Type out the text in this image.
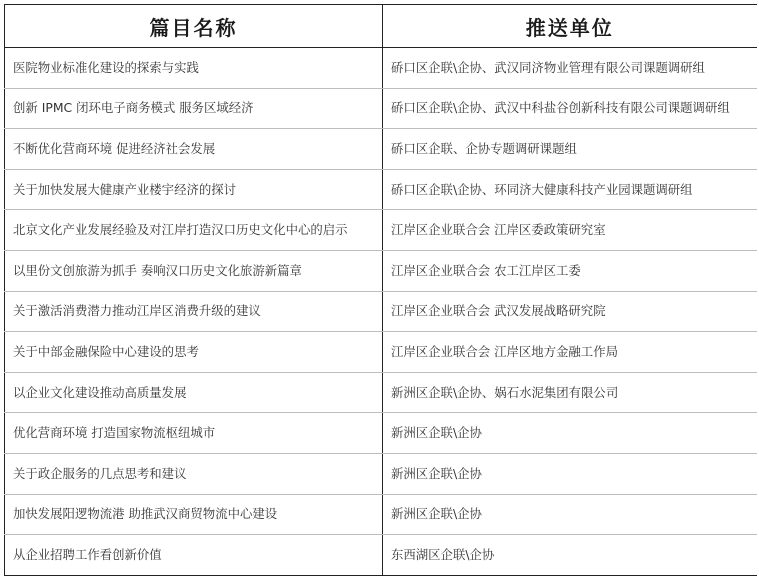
篇目名称	推送单位
医院物业标准化建设的探索与实践	硚口区企联\企协、武汉同济物业管理有限公司课题调研组
创新 IPMC 闭环电子商务模式 服务区域经济	硚口区企联\企协、武汉中科盐谷创新科技有限公司课题调研组
不断优化营商环境 促进经济社会发展	硚口区企联、企协专题调研课题组
关于加快发展大健康产业楼宇经济的探讨	硚口区企联\企协、环同济大健康科技产业园课题调研组
北京文化产业发展经验及对江岸打造汉口历史文化中心的启示	江岸区企业联合会 江岸区委政策研究室
以里份文创旅游为抓手 奏响汉口历史文化旅游新篇章	江岸区企业联合会 农工江岸区工委
关于激活消费潜力推动江岸区消费升级的建议	江岸区企业联合会 武汉发展战略研究院
关于中部金融保险中心建设的思考	江岸区企业联合会 江岸区地方金融工作局
以企业文化建设推动高质量发展	新洲区企联\企协、娲石水泥集团有限公司
优化营商环境 打造国家物流枢纽城市	新洲区企联\企协
关于政企服务的几点思考和建议	新洲区企联\企协
加快发展阳逻物流港 助推武汉商贸物流中心建设	新洲区企联\企协
从企业招聘工作看创新价值	东西湖区企联\企协
